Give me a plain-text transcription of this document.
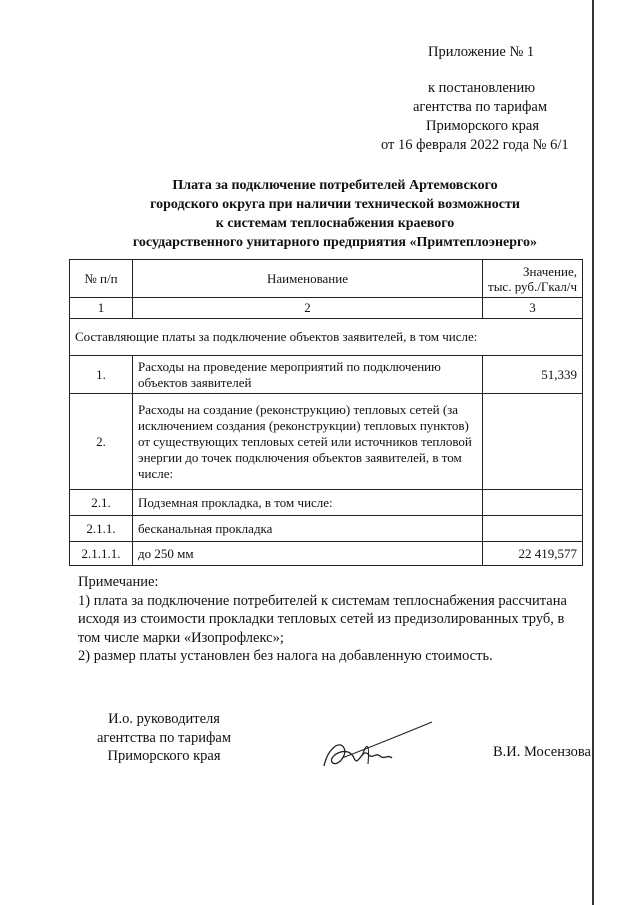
Приложение № 1
к постановлению
агентства по тарифам
Приморского края
от 16 февраля 2022 года № 6/1
Плата за подключение потребителей Артемовского
городского округа при наличии технической возможности
к системам теплоснабжения краевого
государственного унитарного предприятия «Примтеплоэнерго»
№ п/п	Наименование	Значение,
тыс. руб./Гкал/ч

1	2	3
Составляющие платы за подключение объектов заявителей, в том числе:		
1.	Расходы на проведение мероприятий по подключению объектов заявителей	51,339
2.	Расходы на создание (реконструкцию) тепловых сетей (за исключением создания (реконструкции) тепловых пунктов) от существующих тепловых сетей или источников тепловой энергии до точек подключения объектов заявителей, в том числе:	
2.1.	Подземная прокладка, в том числе:	
2.1.1.	бесканальная прокладка	
2.1.1.1.	до 250 мм	22 419,577
Примечание:
1) плата за подключение потребителей к системам теплоснабжения рассчитана
исходя из стоимости прокладки тепловых сетей из предизолированных труб, в
том числе марки «Изопрофлекс»;
2) размер платы установлен без налога на добавленную стоимость.
И.о. руководителя
агентства по тарифам
Приморского края	В.И. Мосензова
